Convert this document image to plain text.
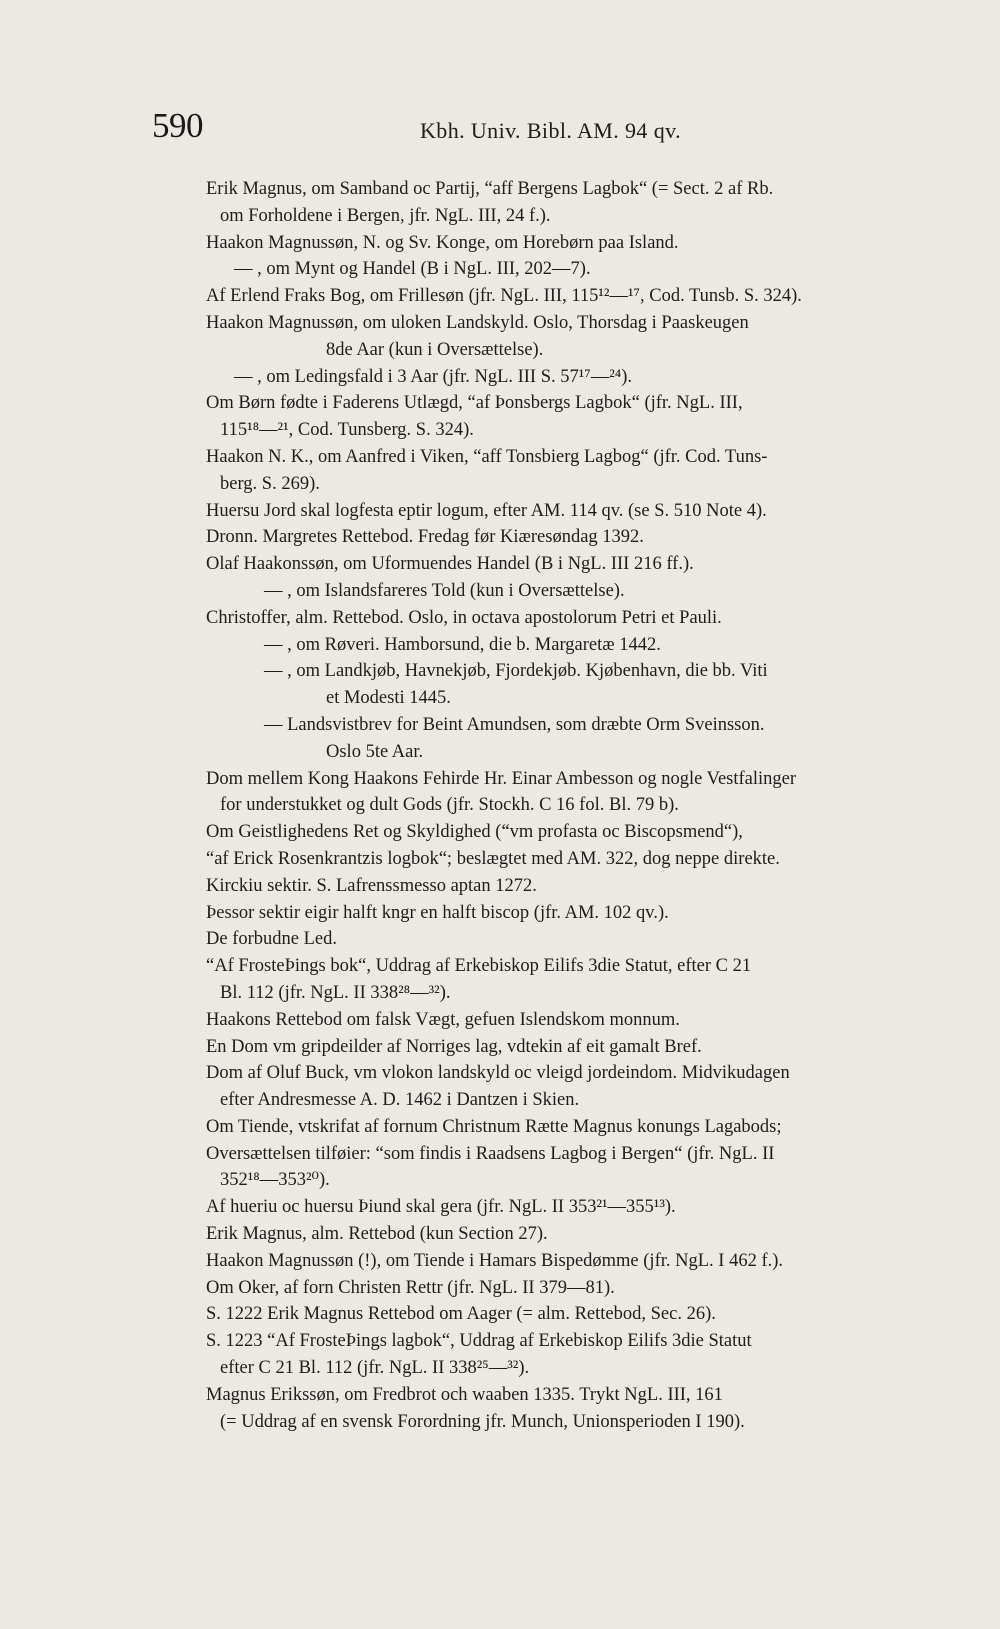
590	Kbh. Univ. Bibl. AM. 94 qv.
Erik Magnus, om Samband oc Partij, “aff Bergens Lagbok“ (= Sect. 2 af Rb.
om Forholdene i Bergen, jfr. NgL. III, 24 f.).
Haakon Magnussøn, N. og Sv. Konge, om Horebørn paa Island.
— , om Mynt og Handel (B i NgL. III, 202—7).
Af Erlend Fraks Bog, om Frillesøn (jfr. NgL. III, 115¹²—¹⁷, Cod. Tunsb. S. 324).
Haakon Magnussøn, om uloken Landskyld. Oslo, Thorsdag i Paaskeugen
8de Aar (kun i Oversættelse).
— , om Ledingsfald i 3 Aar (jfr. NgL. III S. 57¹⁷—²⁴).
Om Børn fødte i Faderens Utlægd, “af Þonsbergs Lagbok“ (jfr. NgL. III,
115¹⁸—²¹, Cod. Tunsberg. S. 324).
Haakon N. K., om Aanfred i Viken, “aff Tonsbierg Lagbog“ (jfr. Cod. Tuns-
berg. S. 269).
Huersu Jord skal logfesta eptir logum, efter AM. 114 qv. (se S. 510 Note 4).
Dronn. Margretes Rettebod. Fredag før Kiæresøndag 1392.
Olaf Haakonssøn, om Uformuendes Handel (B i NgL. III 216 ff.).
— , om Islandsfareres Told (kun i Oversættelse).
Christoffer, alm. Rettebod. Oslo, in octava apostolorum Petri et Pauli.
— , om Røveri. Hamborsund, die b. Margaretæ 1442.
— , om Landkjøb, Havnekjøb, Fjordekjøb. Kjøbenhavn, die bb. Viti
et Modesti 1445.
— Landsvistbrev for Beint Amundsen, som dræbte Orm Sveinsson.
Oslo 5te Aar.
Dom mellem Kong Haakons Fehirde Hr. Einar Ambesson og nogle Vestfalinger
for understukket og dult Gods (jfr. Stockh. C 16 fol. Bl. 79 b).
Om Geistlighedens Ret og Skyldighed (“vm profasta oc Biscopsmend“),
“af Erick Rosenkrantzis logbok“; beslægtet med AM. 322, dog neppe direkte.
Kirckiu sektir. S. Lafrenssmesso aptan 1272.
Þessor sektir eigir halft kngr en halft biscop (jfr. AM. 102 qv.).
De forbudne Led.
“Af FrosteÞings bok“, Uddrag af Erkebiskop Eilifs 3die Statut, efter C 21
Bl. 112 (jfr. NgL. II 338²⁸—³²).
Haakons Rettebod om falsk Vægt, gefuen Islendskom monnum.
En Dom vm gripdeilder af Norriges lag, vdtekin af eit gamalt Bref.
Dom af Oluf Buck, vm vlokon landskyld oc vleigd jordeindom. Midvikudagen
efter Andresmesse A. D. 1462 i Dantzen i Skien.
Om Tiende, vtskrifat af fornum Christnum Rætte Magnus konungs Lagabods;
Oversættelsen tilføier: “som findis i Raadsens Lagbog i Bergen“ (jfr. NgL. II
352¹⁸—353²⁰).
Af hueriu oc huersu Þiund skal gera (jfr. NgL. II 353²¹—355¹³).
Erik Magnus, alm. Rettebod (kun Section 27).
Haakon Magnussøn (!), om Tiende i Hamars Bispedømme (jfr. NgL. I 462 f.).
Om Oker, af forn Christen Rettr (jfr. NgL. II 379—81).
S. 1222 Erik Magnus Rettebod om Aager (= alm. Rettebod, Sec. 26).
S. 1223 “Af FrosteÞings lagbok“, Uddrag af Erkebiskop Eilifs 3die Statut
efter C 21 Bl. 112 (jfr. NgL. II 338²⁵—³²).
Magnus Erikssøn, om Fredbrot och waaben 1335. Trykt NgL. III, 161
(= Uddrag af en svensk Forordning jfr. Munch, Unionsperioden I 190).
